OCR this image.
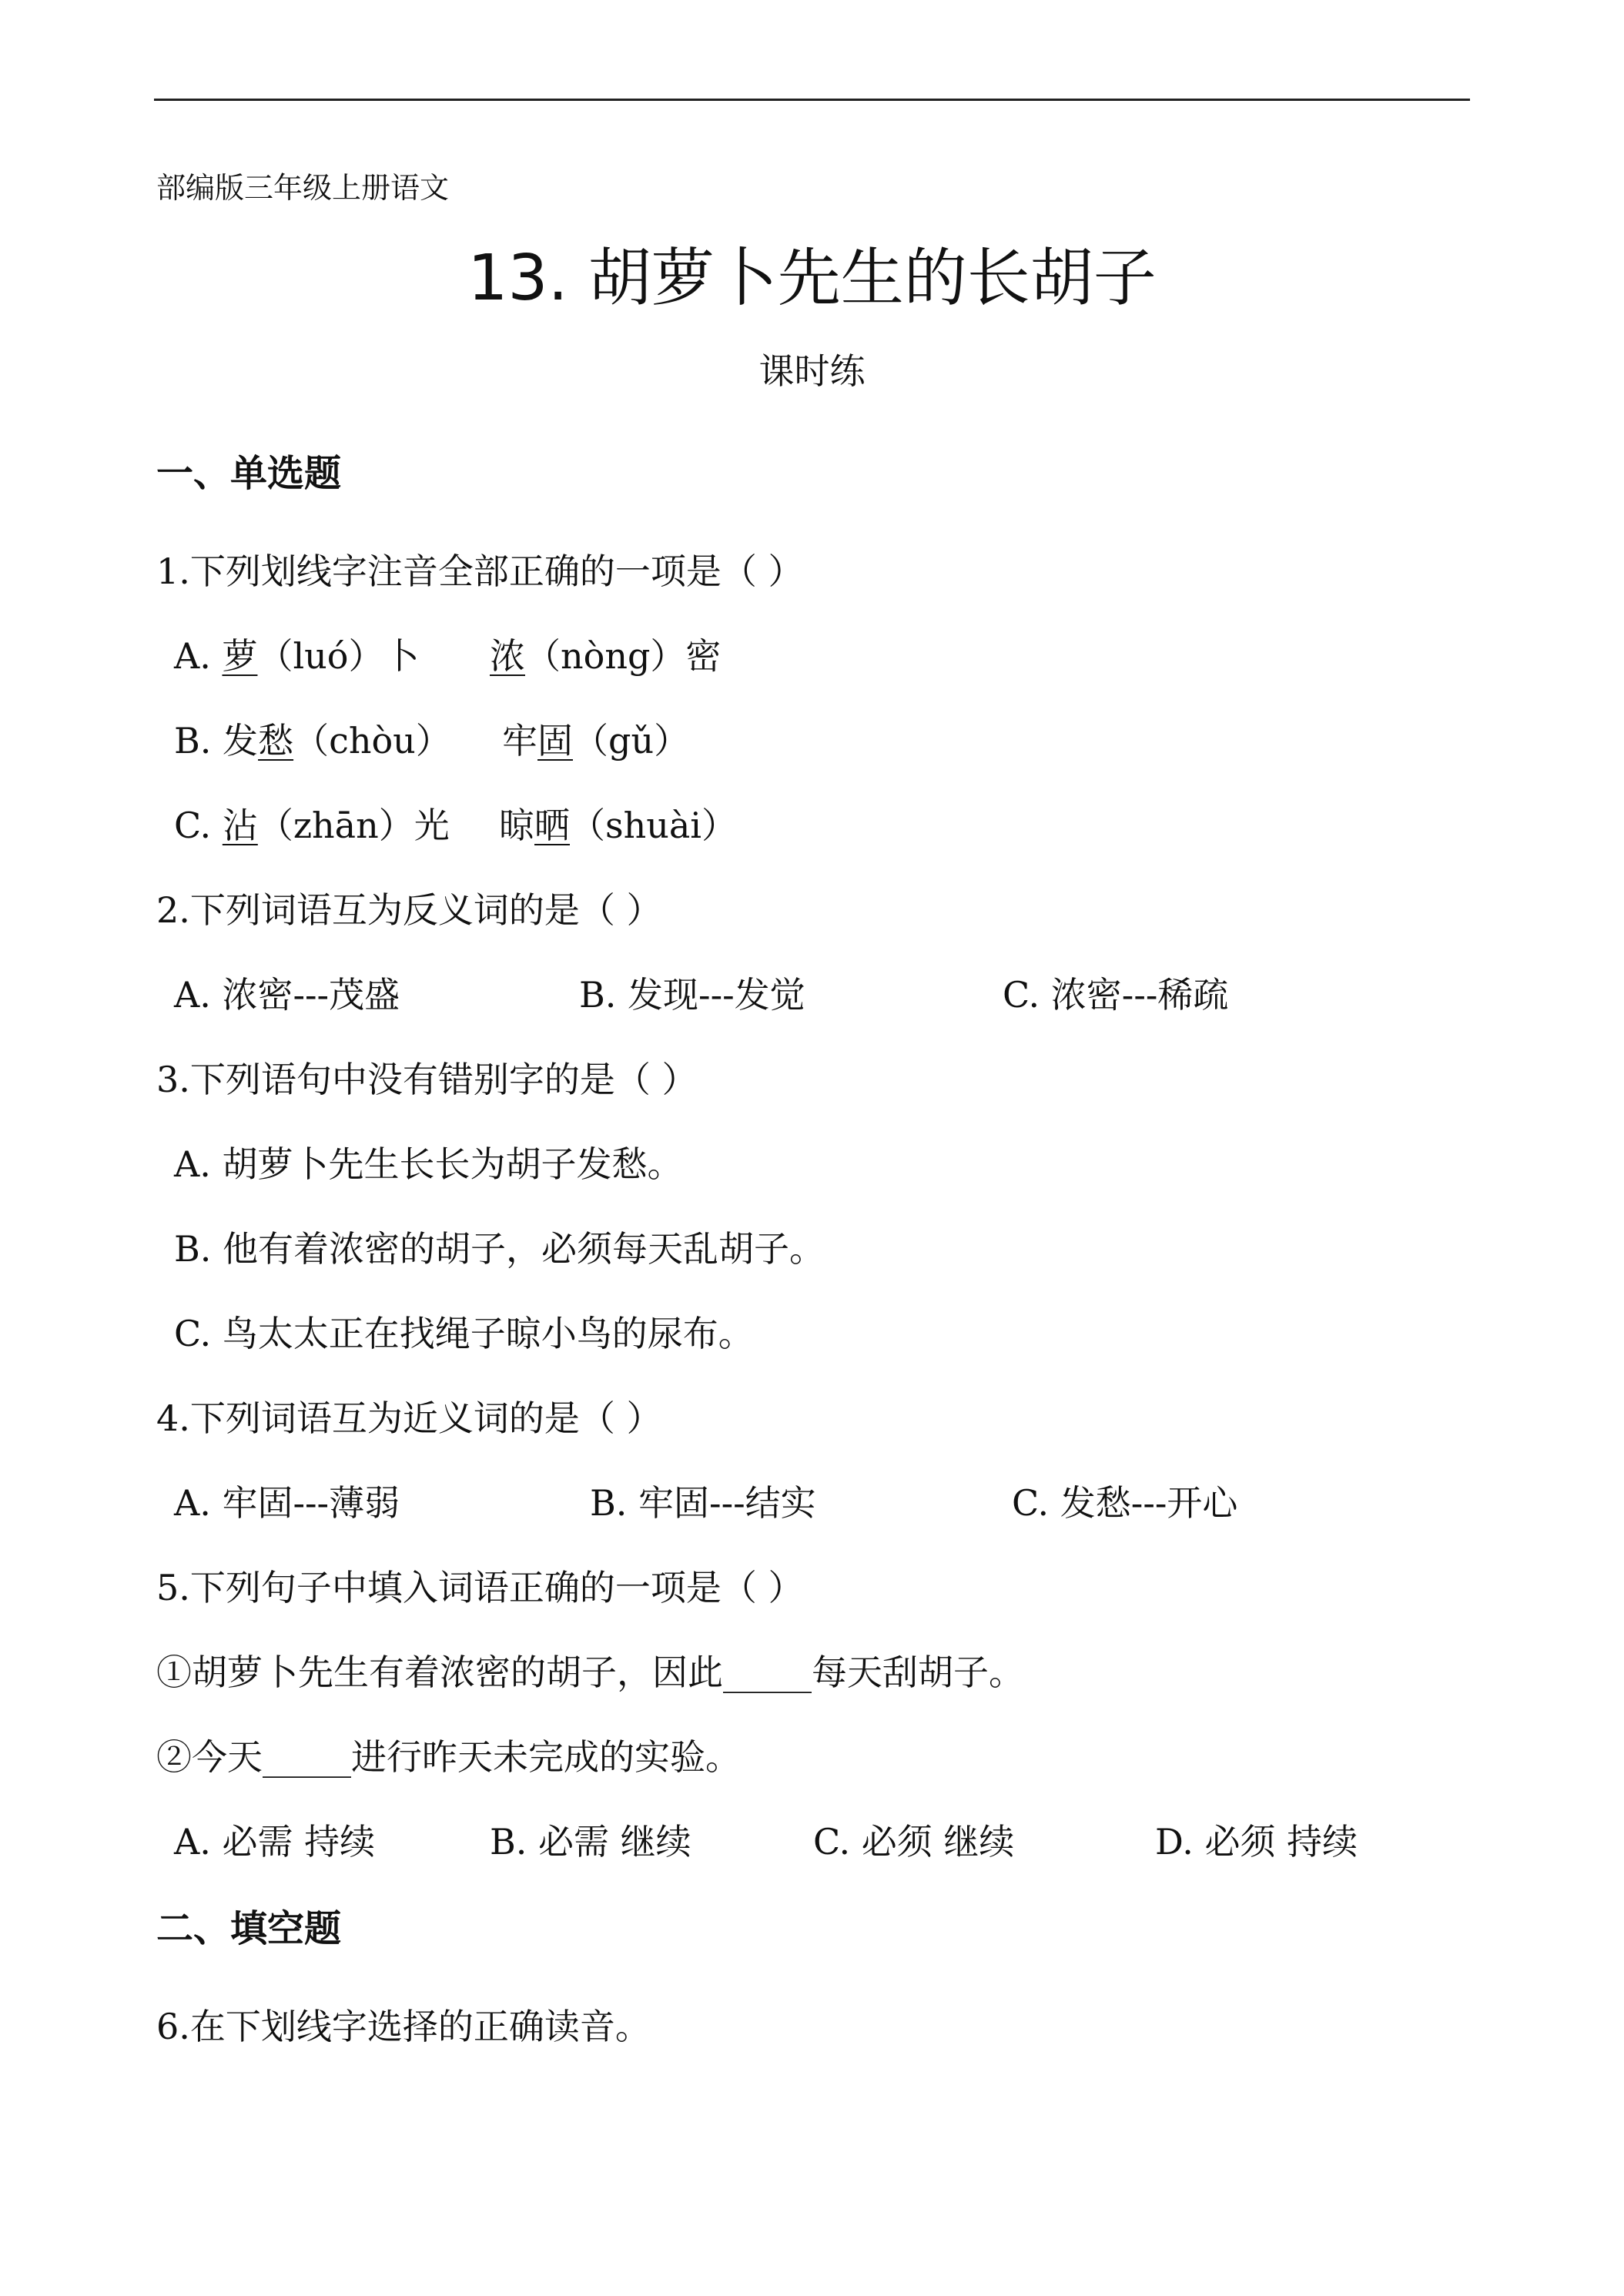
部编版三年级上册语文
13. 胡萝卜先生的长胡子
课时练
一、单选题
1.下列划线字注音全部正确的一项是（ ）
A. 萝（luó）卜 浓（nòng）密
B. 发愁（chòu） 牢固（gǔ）
C. 沾（zhān）光 晾晒（shuài）
2.下列词语互为反义词的是（ ）
A. 浓密---茂盛	B. 发现---发觉	C. 浓密---稀疏
3.下列语句中没有错别字的是（ ）
A. 胡萝卜先生长长为胡子发愁。
B. 他有着浓密的胡子，必须每天乱胡子。
C. 鸟太太正在找绳子晾小鸟的尿布。
4.下列词语互为近义词的是（ ）
A. 牢固---薄弱	B. 牢固---结实	C. 发愁---开心
5.下列句子中填入词语正确的一项是（ ）
①胡萝卜先生有着浓密的胡子，因此_____每天刮胡子。
②今天_____进行昨天未完成的实验。
A. 必需 持续	B. 必需 继续	C. 必须 继续	D. 必须 持续
二、填空题
6.在下划线字选择的正确读音。
